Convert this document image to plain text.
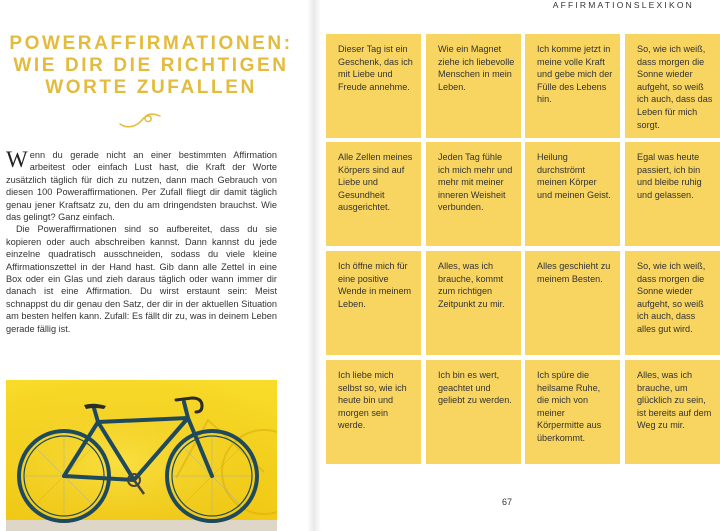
POWERAFFIRMATIONEN:
WIE DIR DIE RICHTIGEN
WORTE ZUFALLEN

Wenn du gerade nicht an einer bestimmten Affirmation arbeitest oder einfach Lust hast, die Kraft der Worte zusätzlich täglich für dich zu nutzen, dann mach Gebrauch von diesen 100 Poweraffirmationen. Per Zufall fliegt dir damit täglich genau jener Kraftsatz zu, den du am dringendsten brauchst. Wie das gelingt? Ganz einfach.

Die Poweraffirmationen sind so aufbereitet, dass du sie kopieren oder auch abschreiben kannst. Dann kannst du jede einzelne quadratisch ausschneiden, sodass du viele kleine Affirmationszettel in der Hand hast. Gib dann alle Zettel in eine Box oder ein Glas und zieh daraus täglich oder wann immer dir danach ist eine Affirmation. Du wirst erstaunt sein: Meist schnappst du dir genau den Satz, der dir in der aktuellen Situation am besten helfen kann. Zufall: Es fällt dir zu, was in deinem Leben gerade fällig ist.

AFFIRMATIONSLEXIKON
Dieser Tag ist ein Geschenk, das ich mit Liebe und Freude annehme.
Wie ein Magnet ziehe ich liebevolle Menschen in mein Leben.
Ich komme jetzt in meine volle Kraft und gebe mich der Fülle des Lebens hin.
So, wie ich weiß, dass morgen die Sonne wieder aufgeht, so weiß ich auch, dass das Leben für mich sorgt.
Alle Zellen meines Körpers sind auf Liebe und Gesundheit ausgerichtet.
Jeden Tag fühle ich mich mehr und mehr mit meiner inneren Weisheit verbunden.
Heilung durchströmt meinen Körper und meinen Geist.
Egal was heute passiert, ich bin und bleibe ruhig und gelassen.
Ich öffne mich für eine positive Wende in meinem Leben.
Alles, was ich brauche, kommt zum richtigen Zeitpunkt zu mir.
Alles geschieht zu meinem Besten.
So, wie ich weiß, dass morgen die Sonne wieder aufgeht, so weiß ich auch, dass alles gut wird.
Ich liebe mich selbst so, wie ich heute bin und morgen sein werde.
Ich bin es wert, geachtet und geliebt zu werden.
Ich spüre die heilsame Ruhe, die mich von meiner Körpermitte aus überkommt.
Alles, was ich brauche, um glücklich zu sein, ist bereits auf dem Weg zu mir.
67
